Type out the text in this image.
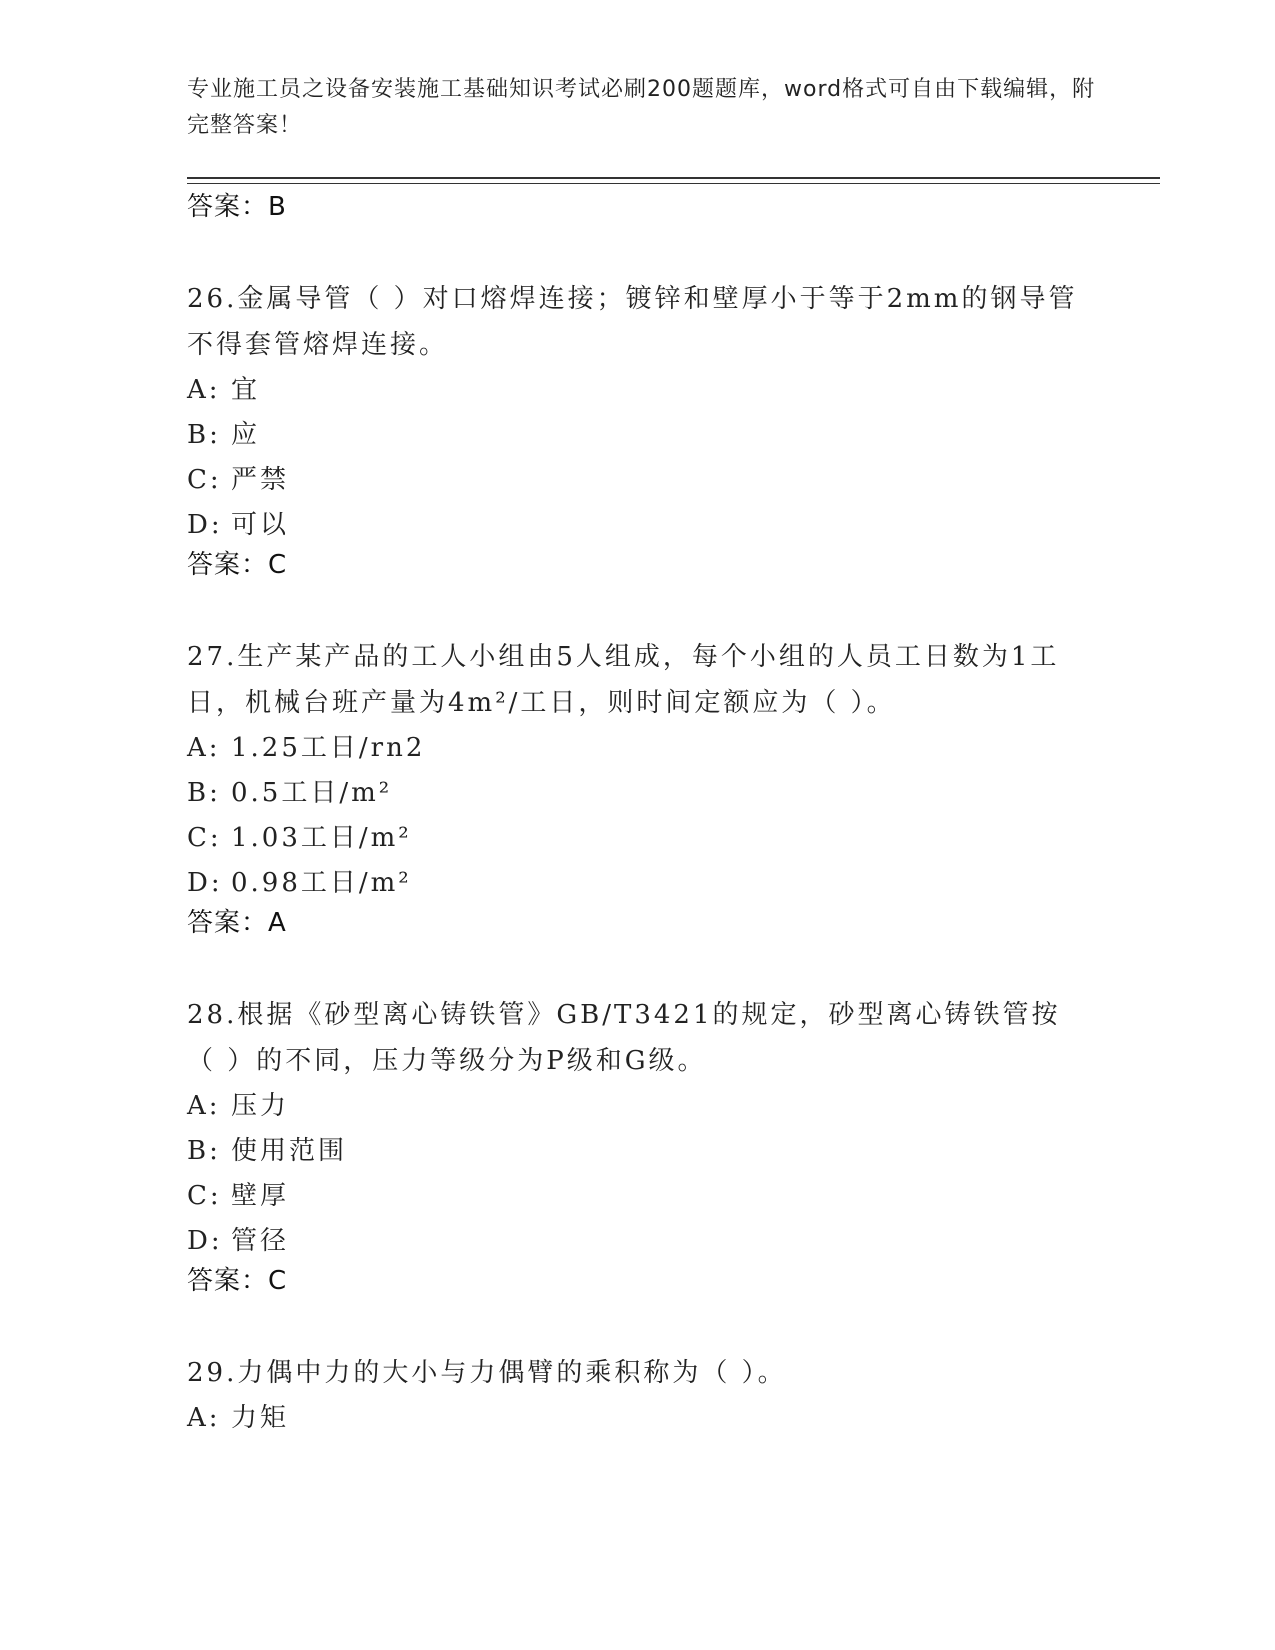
专业施工员之设备安装施工基础知识考试必刷200题题库，word格式可自由下载编辑，附完整答案！

答案：B

26.金属导管（ ）对口熔焊连接；镀锌和壁厚小于等于2mm的钢导管不得套管熔焊连接。

A: 宜

B: 应

C: 严禁

D: 可以

答案：C

27.生产某产品的工人小组由5人组成，每个小组的人员工日数为1工日，机械台班产量为4m²/工日，则时间定额应为（ ）。

A: 1.25工日/rn2

B: 0.5工日/m²

C: 1.03工日/m²

D: 0.98工日/m²

答案：A

28.根据《砂型离心铸铁管》GB/T3421的规定，砂型离心铸铁管按（ ）的不同，压力等级分为P级和G级。

A: 压力

B: 使用范围

C: 壁厚

D: 管径

答案：C

29.力偶中力的大小与力偶臂的乘积称为（ ）。

A: 力矩
